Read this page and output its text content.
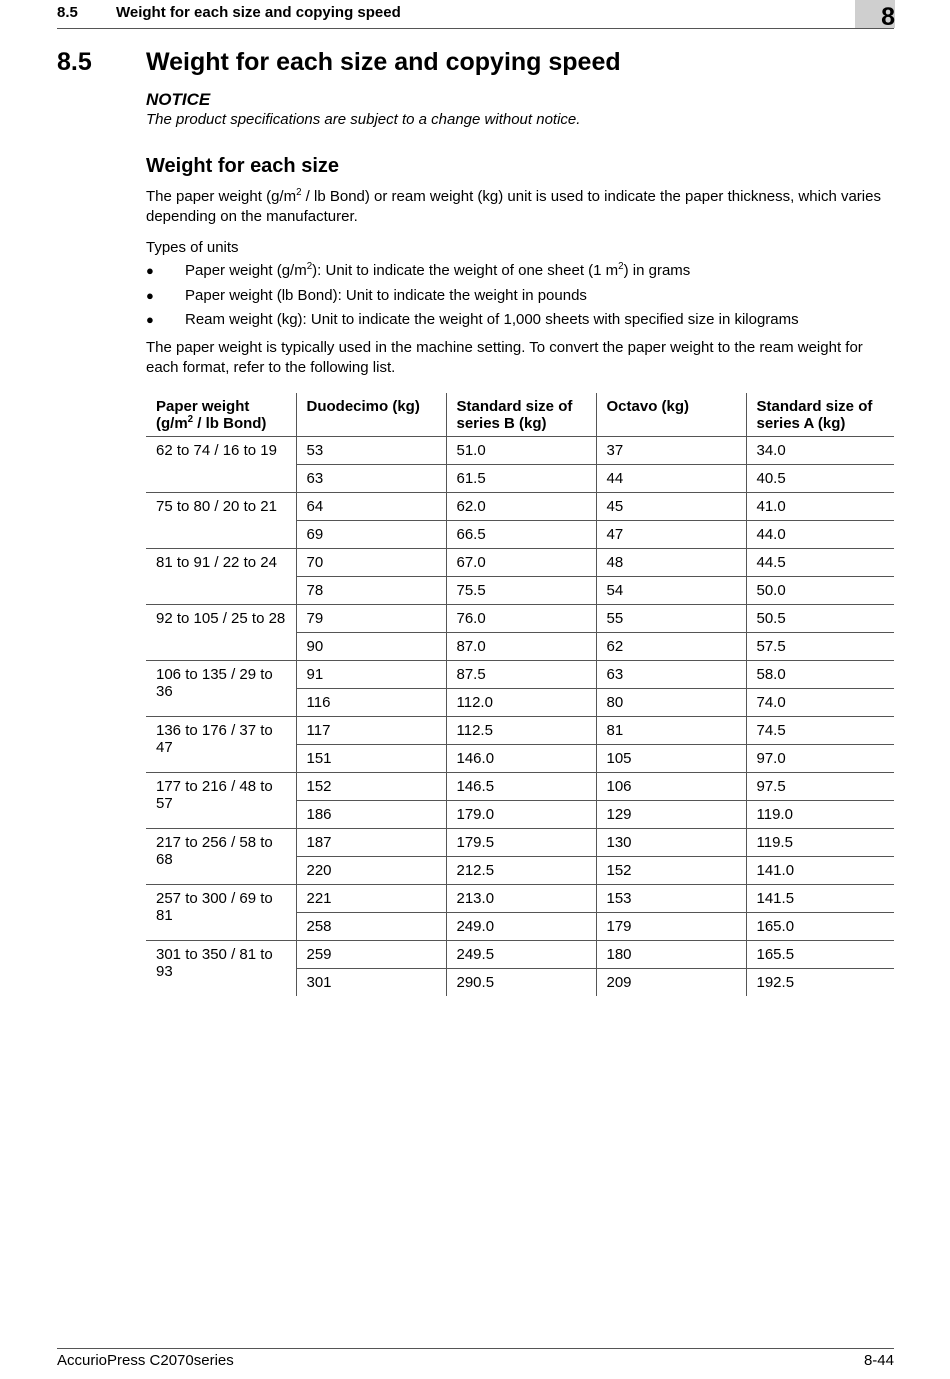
8.5	Weight for each size and copying speed	8
8.5 Weight for each size and copying speed
NOTICE
The product specifications are subject to a change without notice.
Weight for each size
The paper weight ($g/m^2$ / lb Bond) or ream weight (kg) unit is used to indicate the paper thickness, which varies depending on the manufacturer.
Types of units
● Paper weight $(g/m^2)$: Unit to indicate the weight of one sheet (1 $m^2$) in grams
● Paper weight (lb Bond): Unit to indicate the weight in pounds
● Ream weight (kg): Unit to indicate the weight of 1,000 sheets with specified size in kilograms
The paper weight is typically used in the machine setting. To convert the paper weight to the ream weight for each format, refer to the following list.
Paper weight
($g/m^2$ / lb Bond)	Duodecimo (kg)	Standard size of series B (kg)	Octavo (kg)	Standard size of series A (kg)
62 to 74 / 16 to 19	53	51.0	37	34.0
	63	61.5	44	40.5
75 to 80 / 20 to 21	64	62.0	45	41.0
	69	66.5	47	44.0
81 to 91 / 22 to 24	70	67.0	48	44.5
	78	75.5	54	50.0
92 to 105 / 25 to 28	79	76.0	55	50.5
	90	87.0	62	57.5
106 to 135 / 29 to 36	91	87.5	63	58.0
	116	112.0	80	74.0
136 to 176 / 37 to 47	117	112.5	81	74.5
	151	146.0	105	97.0
177 to 216 / 48 to 57	152	146.5	106	97.5
	186	179.0	129	119.0
217 to 256 / 58 to 68	187	179.5	130	119.5
	220	212.5	152	141.0
257 to 300 / 69 to 81	221	213.0	153	141.5
	258	249.0	179	165.0
301 to 350 / 81 to 93	259	249.5	180	165.5
	301	290.5	209	192.5
AccurioPress C2070series	8-44
